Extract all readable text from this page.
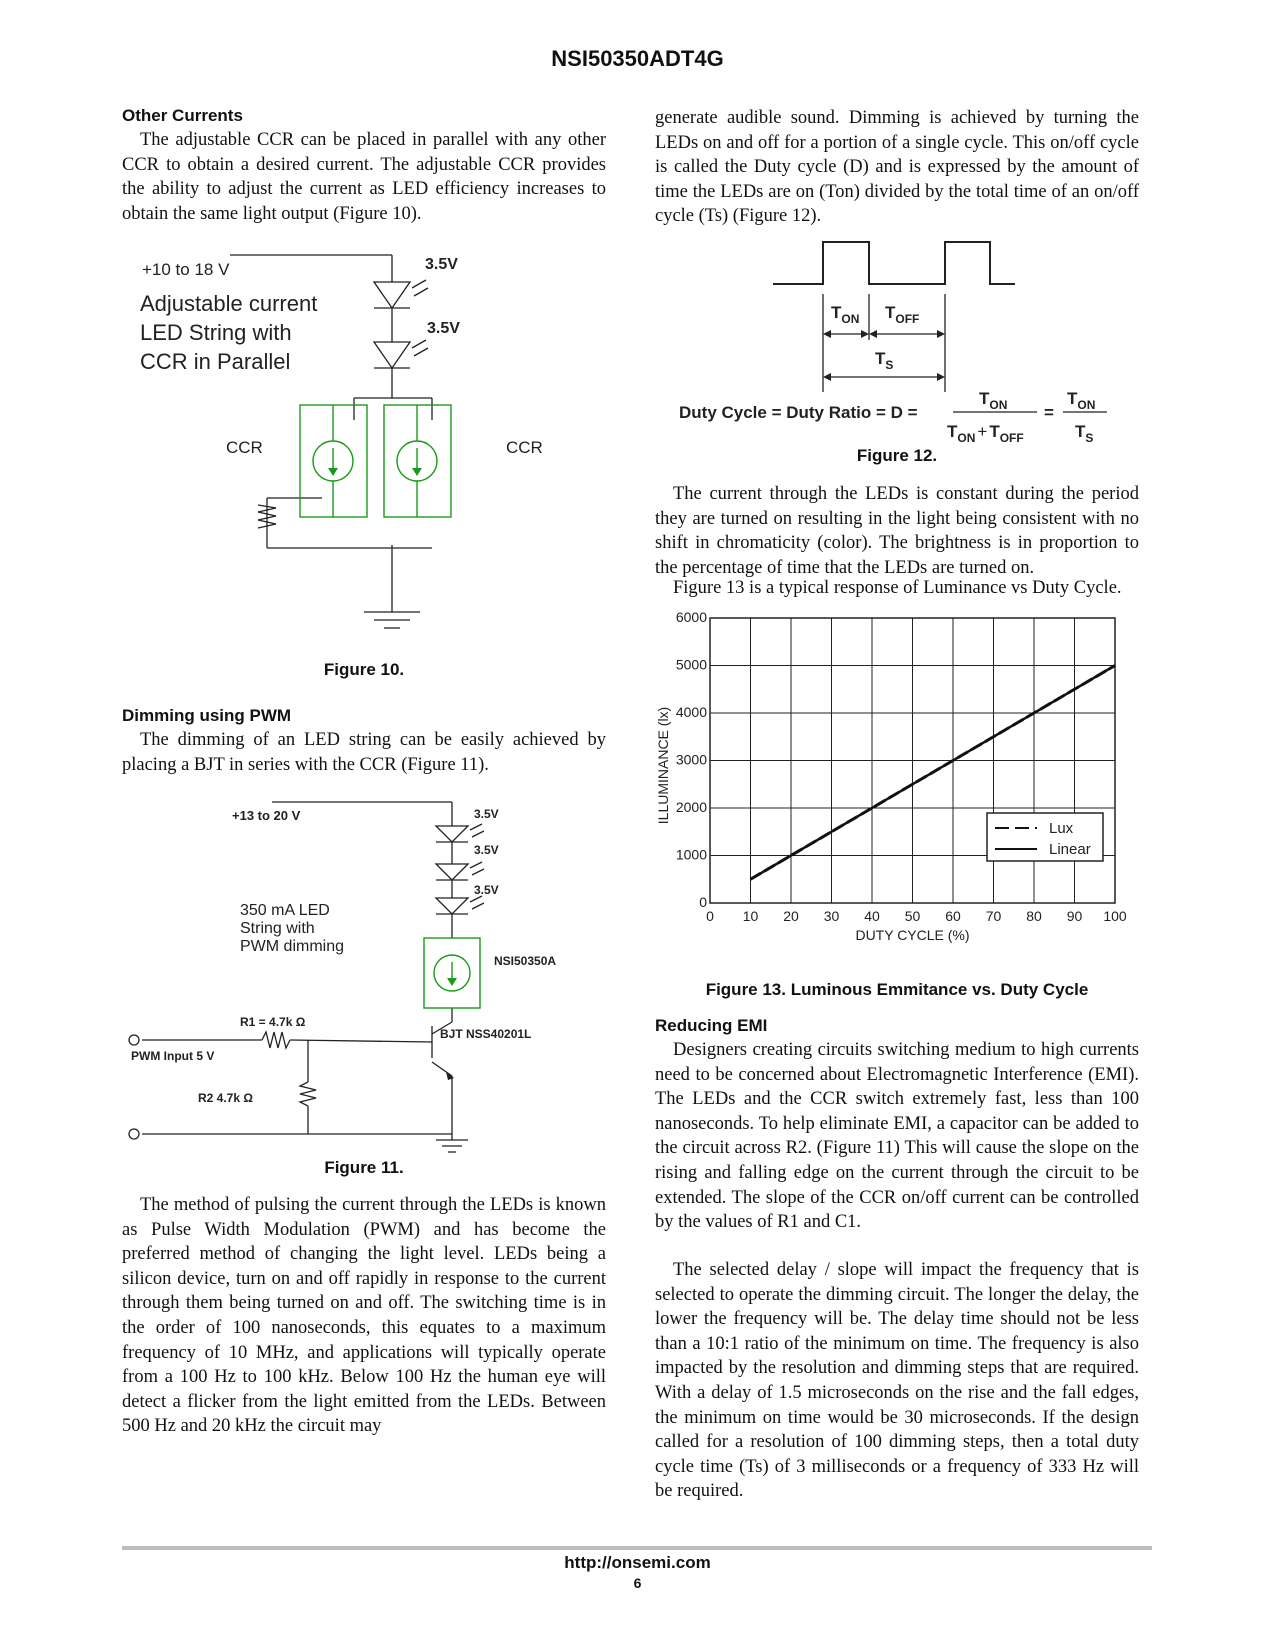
NSI50350ADT4G
Other Currents

The adjustable CCR can be placed in parallel with any other CCR to obtain a desired current. The adjustable CCR provides the ability to adjust the current as LED efficiency increases to obtain the same light output (Figure 10).

+10 to 18 V	3.5V
3.5V
Adjustable current
LED String with
CCR in Parallel
CCR	CCR
Figure 10.
Dimming using PWM

The dimming of an LED string can be easily achieved by placing a BJT in series with the CCR (Figure 11).

+13 to 20 V	3.5V
3.5V
3.5V
350 mA LED
String with
PWM dimming
NSI50350A
R1 = 4.7k Ω
BJT NSS40201L
PWM Input 5 V
R2 4.7k Ω
Figure 11.

The method of pulsing the current through the LEDs is known as Pulse Width Modulation (PWM) and has become the preferred method of changing the light level. LEDs being a silicon device, turn on and off rapidly in response to the current through them being turned on and off. The switching time is in the order of 100 nanoseconds, this equates to a maximum frequency of 10 MHz, and applications will typically operate from a 100 Hz to 100 kHz. Below 100 Hz the human eye will detect a flicker from the light emitted from the LEDs. Between 500 Hz and 20 kHz the circuit may

generate audible sound. Dimming is achieved by turning the LEDs on and off for a portion of a single cycle. This on/off cycle is called the Duty cycle (D) and is expressed by the amount of time the LEDs are on (Ton) divided by the total time of an on/off cycle (Ts) (Figure 12).

$T_{ON}$ $T_{OFF}$
$T_S$
Duty Cycle = Duty Ratio = D =
$T_{ON}$
$T_{ON} + T_{OFF}$
=
$T_{ON}$
$T_S$
Figure 12.

The current through the LEDs is constant during the period they are turned on resulting in the light being consistent with no shift in chromaticity (color). The brightness is in proportion to the percentage of time that the LEDs are turned on.

Figure 13 is a typical response of Luminance vs Duty Cycle.

0 10 20 30 40 50 60 70 80 90 100
0
1000
2000
3000
4000
5000
6000
DUTY CYCLE (%)
ILLUMINANCE (lx)
Lux
Linear
Figure 13. Luminous Emmitance vs. Duty Cycle
Reducing EMI

Designers creating circuits switching medium to high currents need to be concerned about Electromagnetic Interference (EMI). The LEDs and the CCR switch extremely fast, less than 100 nanoseconds. To help eliminate EMI, a capacitor can be added to the circuit across R2. (Figure 11) This will cause the slope on the rising and falling edge on the current through the circuit to be extended. The slope of the CCR on/off current can be controlled by the values of R1 and C1.

The selected delay / slope will impact the frequency that is selected to operate the dimming circuit. The longer the delay, the lower the frequency will be. The delay time should not be less than a 10:1 ratio of the minimum on time. The frequency is also impacted by the resolution and dimming steps that are required. With a delay of 1.5 microseconds on the rise and the fall edges, the minimum on time would be 30 microseconds. If the design called for a resolution of 100 dimming steps, then a total duty cycle time (Ts) of 3 milliseconds or a frequency of 333 Hz will be required.

http://onsemi.com
6
